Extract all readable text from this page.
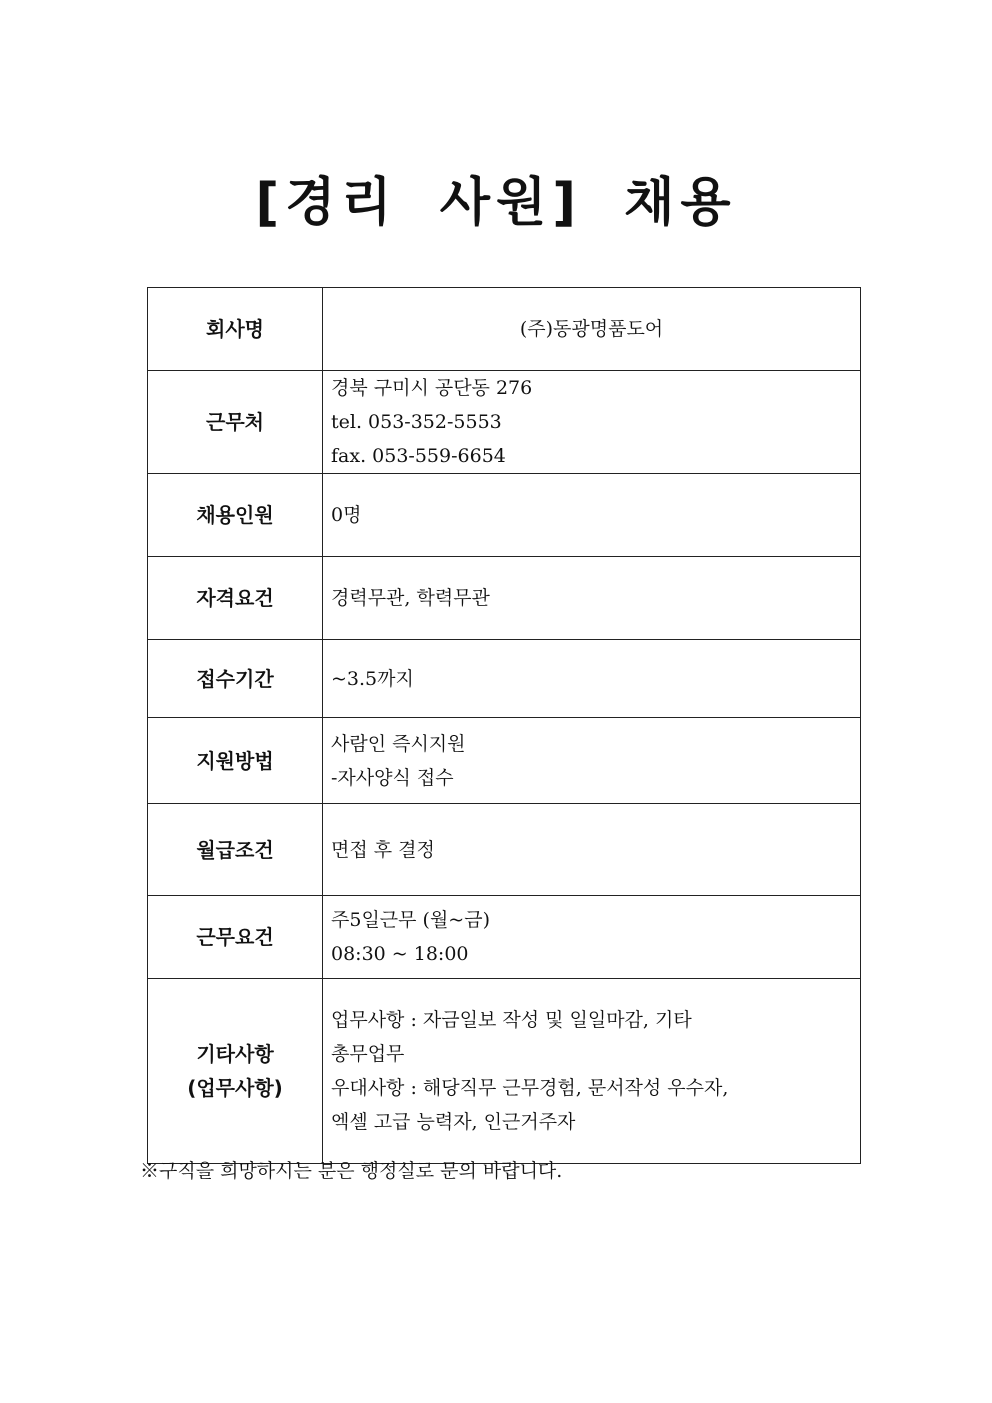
[경리 사원] 채용
회사명	(주)동광명품도어

근무처	경북 구미시 공단동 276
tel. 053-352-5553
fax. 053-559-6654

채용인원	0명

자격요건	경력무관, 학력무관

접수기간	~3.5까지

지원방법	사람인 즉시지원
-자사양식 접수

월급조건	면접 후 결정

근무요건	주5일근무 (월~금)
08:30 ~ 18:00

기타사항
(업무사항)	업무사항 : 자금일보 작성 및 일일마감, 기타
총무업무
우대사항 : 해당직무 근무경험, 문서작성 우수자,
엑셀 고급 능력자, 인근거주자
※구직을 희망하시는 분은 행정실로 문의 바랍니다.
